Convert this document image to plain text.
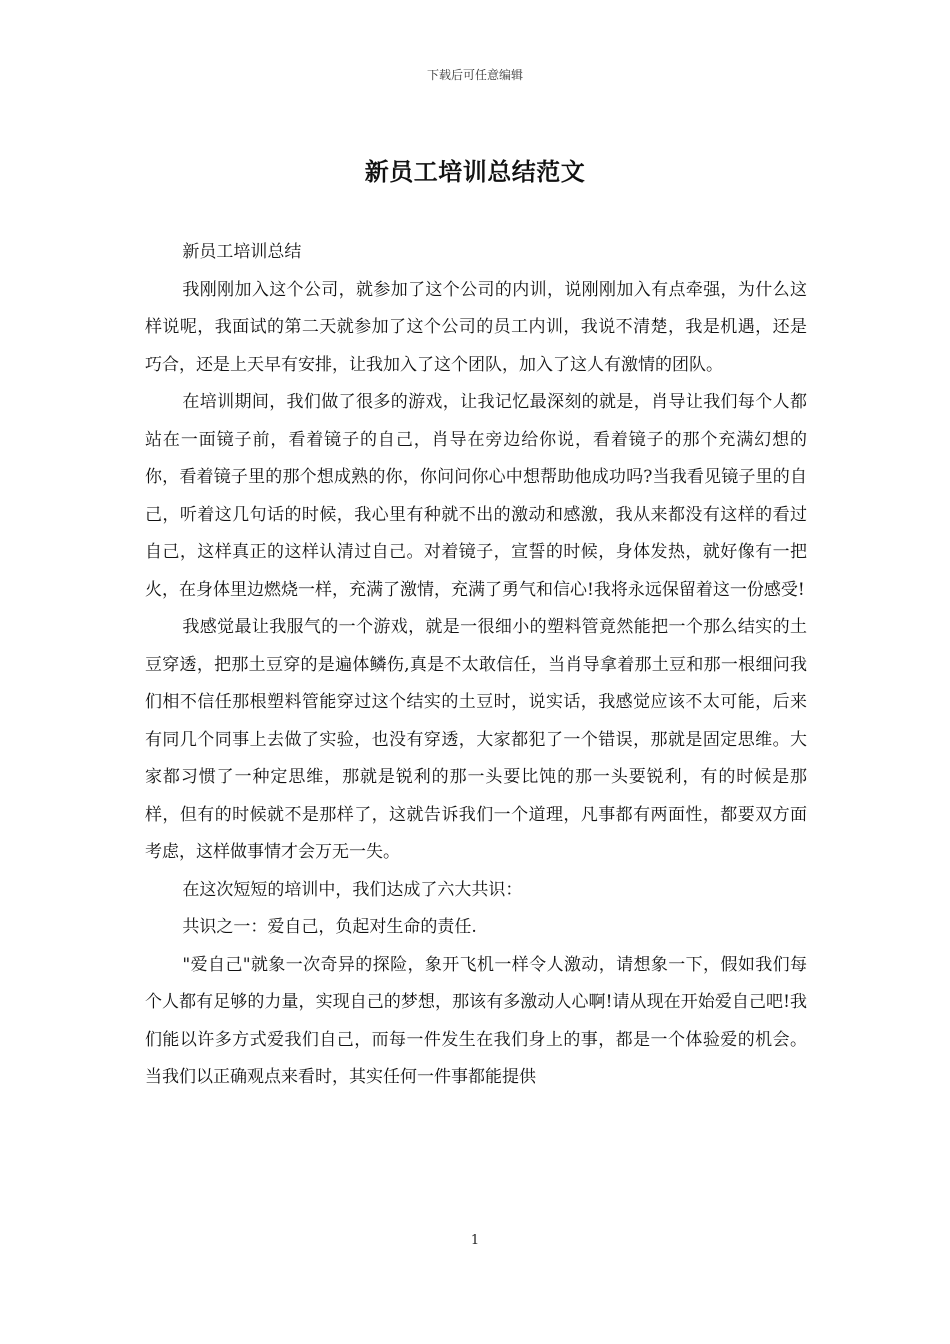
下载后可任意编辑
新员工培训总结范文

新员工培训总结

我刚刚加入这个公司，就参加了这个公司的内训，说刚刚加入有点牵强，为什么这样说呢，我面试的第二天就参加了这个公司的员工内训，我说不清楚，我是机遇，还是巧合，还是上天早有安排，让我加入了这个团队，加入了这人有激情的团队。

在培训期间，我们做了很多的游戏，让我记忆最深刻的就是，肖导让我们每个人都站在一面镜子前，看着镜子的自己，肖导在旁边给你说，看着镜子的那个充满幻想的你，看着镜子里的那个想成熟的你，你问问你心中想帮助他成功吗?当我看见镜子里的自己，听着这几句话的时候，我心里有种就不出的激动和感激，我从来都没有这样的看过自己，这样真正的这样认清过自己。对着镜子，宣誓的时候，身体发热，就好像有一把火，在身体里边燃烧一样，充满了激情，充满了勇气和信心!我将永远保留着这一份感受!

我感觉最让我服气的一个游戏，就是一很细小的塑料管竟然能把一个那么结实的土豆穿透，把那土豆穿的是遍体鳞伤,真是不太敢信任，当肖导拿着那土豆和那一根细问我们相不信任那根塑料管能穿过这个结实的土豆时，说实话，我感觉应该不太可能，后来有同几个同事上去做了实验，也没有穿透，大家都犯了一个错误，那就是固定思维。大家都习惯了一种定思维，那就是锐利的那一头要比饨的那一头要锐利，有的时候是那样，但有的时候就不是那样了，这就告诉我们一个道理，凡事都有两面性，都要双方面考虑，这样做事情才会万无一失。

在这次短短的培训中，我们达成了六大共识：

共识之一：爱自己，负起对生命的责任.

"爱自己"就象一次奇异的探险，象开飞机一样令人激动，请想象一下，假如我们每个人都有足够的力量，实现自己的梦想，那该有多激动人心啊!请从现在开始爱自己吧!我们能以许多方式爱我们自己，而每一件发生在我们身上的事，都是一个体验爱的机会。当我们以正确观点来看时，其实任何一件事都能提供

1
